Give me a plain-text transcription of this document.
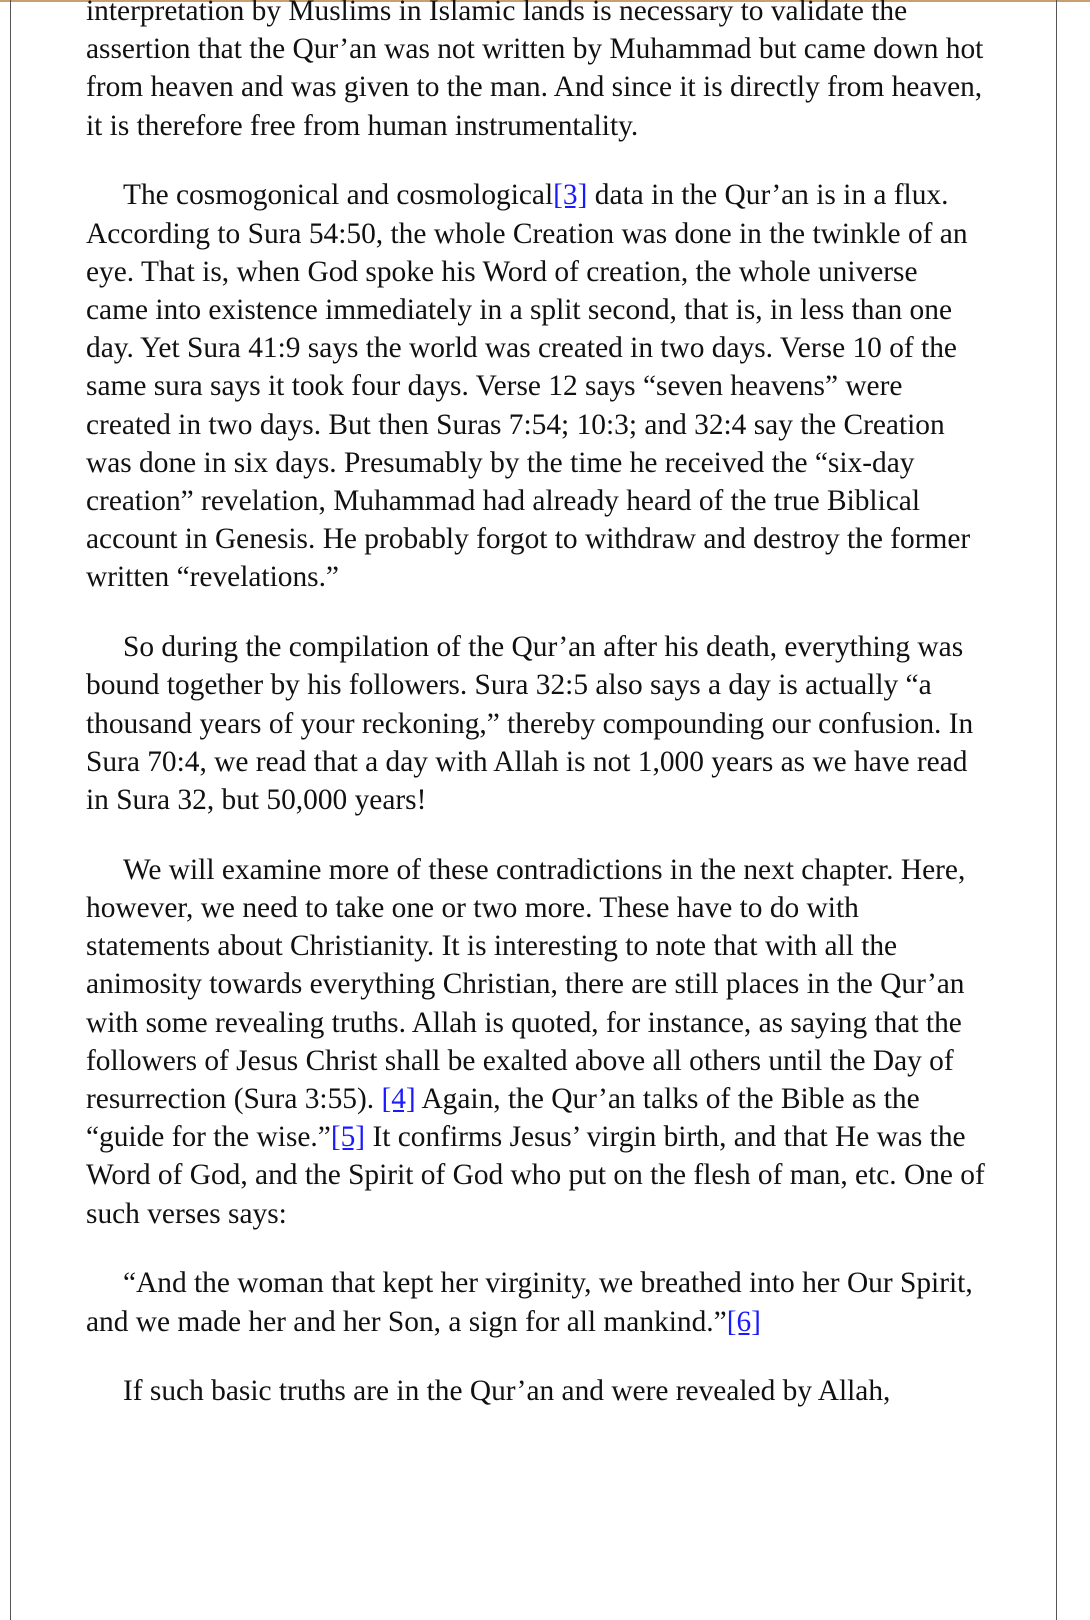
interpretation by Muslims in Islamic lands is necessary to validate the assertion that the Qur’an was not written by Muhammad but came down hot from heaven and was given to the man. And since it is directly from heaven, it is therefore free from human instrumentality.

The cosmogonical and cosmological[3] data in the Qur’an is in a flux. According to Sura 54:50, the whole Creation was done in the twinkle of an eye. That is, when God spoke his Word of creation, the whole universe came into existence immediately in a split second, that is, in less than one day. Yet Sura 41:9 says the world was created in two days. Verse 10 of the same sura says it took four days. Verse 12 says “seven heavens” were created in two days. But then Suras 7:54; 10:3; and 32:4 say the Creation was done in six days. Presumably by the time he received the “six-day creation” revelation, Muhammad had already heard of the true Biblical account in Genesis. He probably forgot to withdraw and destroy the former written “revelations.”

So during the compilation of the Qur’an after his death, everything was bound together by his followers. Sura 32:5 also says a day is actually “a thousand years of your reckoning,” thereby compounding our confusion. In Sura 70:4, we read that a day with Allah is not 1,000 years as we have read in Sura 32, but 50,000 years!

We will examine more of these contradictions in the next chapter. Here, however, we need to take one or two more. These have to do with statements about Christianity. It is interesting to note that with all the animosity towards everything Christian, there are still places in the Qur’an with some revealing truths. Allah is quoted, for instance, as saying that the followers of Jesus Christ shall be exalted above all others until the Day of resurrection (Sura 3:55). [4] Again, the Qur’an talks of the Bible as the “guide for the wise.”[5] It confirms Jesus’ virgin birth, and that He was the Word of God, and the Spirit of God who put on the flesh of man, etc. One of such verses says:

“And the woman that kept her virginity, we breathed into her Our Spirit, and we made her and her Son, a sign for all mankind.”[6]

If such basic truths are in the Qur’an and were revealed by Allah,
